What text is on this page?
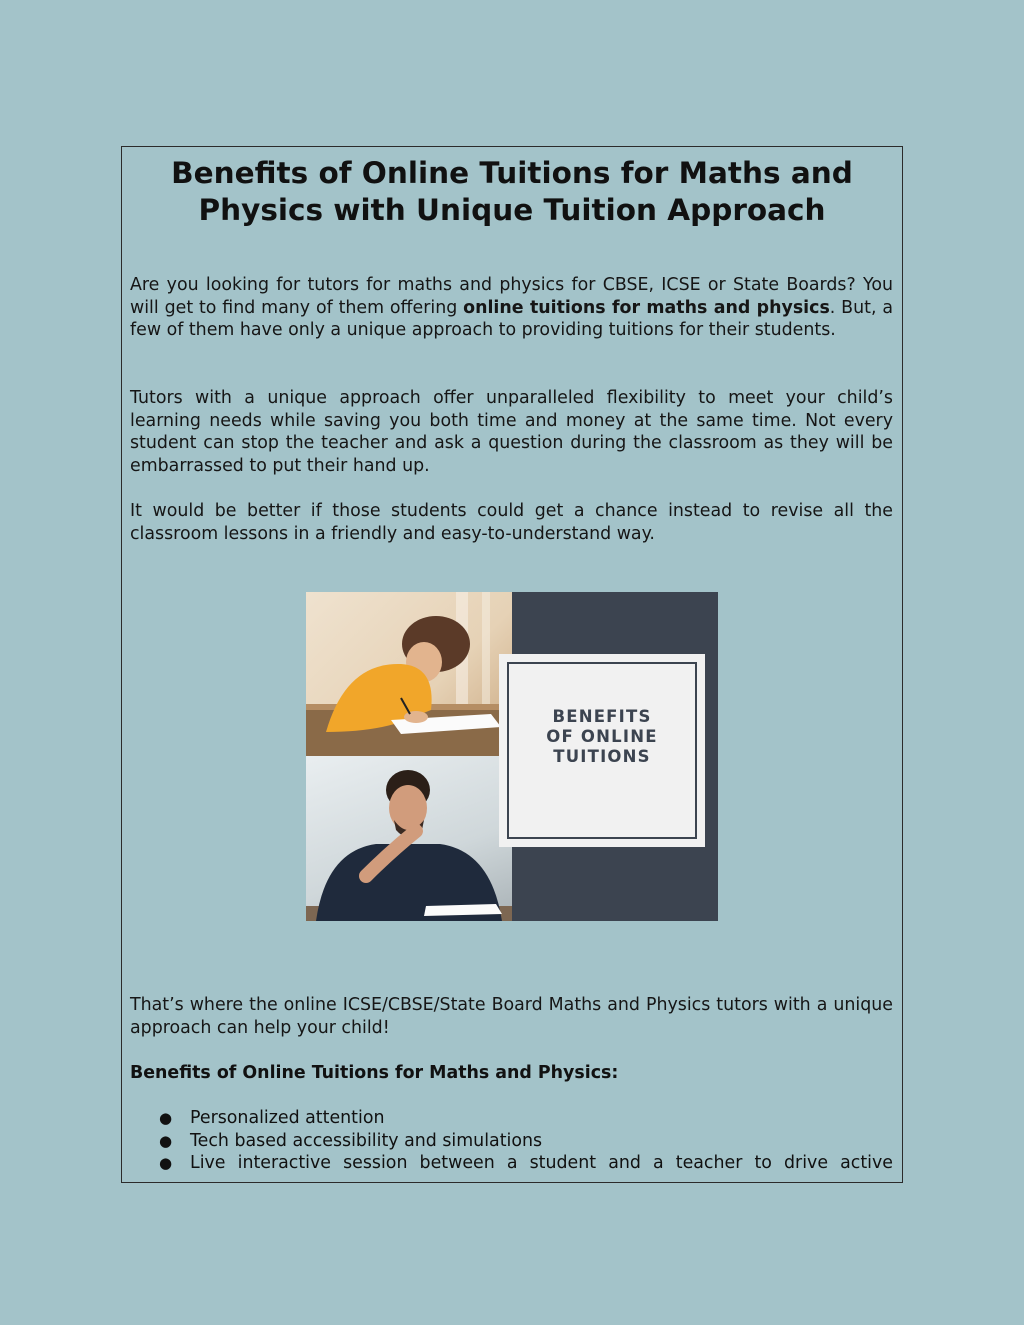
Benefits of Online Tuitions for Maths and Physics with Unique Tuition Approach

Are you looking for tutors for maths and physics for CBSE, ICSE or State Boards? You will get to find many of them offering online tuitions for maths and physics. But, a few of them have only a unique approach to providing tuitions for their students.

Tutors with a unique approach offer unparalleled flexibility to meet your child’s learning needs while saving you both time and money at the same time. Not every student can stop the teacher and ask a question during the classroom as they will be embarrassed to put their hand up.

It would be better if those students could get a chance instead to revise all the classroom lessons in a friendly and easy-to-understand way.

BENEFITS
OF ONLINE
TUITIONS

That’s where the online ICSE/CBSE/State Board Maths and Physics tutors with a unique approach can help your child!

Benefits of Online Tuitions for Maths and Physics:

● Personalized attention
● Tech based accessibility and simulations
● Live interactive session between a student and a teacher to drive active
